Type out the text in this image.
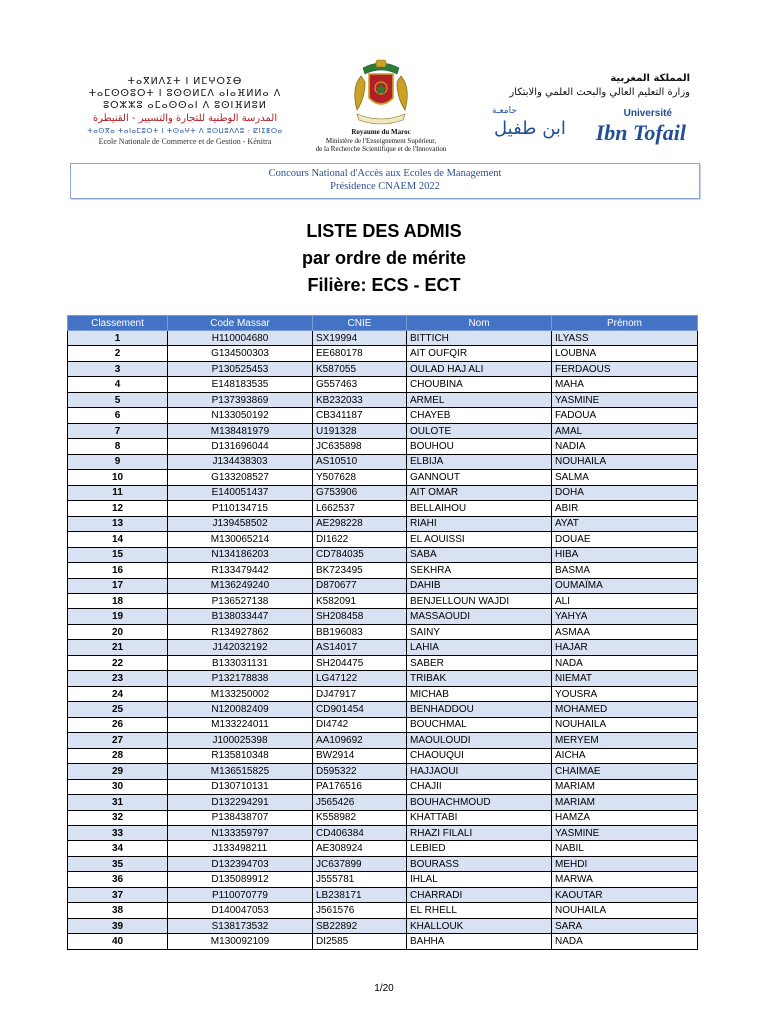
ⵜⴰⴳⵍⴷⵉⵜ ⵏ ⵍⵎⵖⵔⵉⴱ
ⵜⴰⵎⵙⵙⵓⵔⵜ ⵏ ⵓⵙⵙⵍⵎⴷ ⴰⵏⴰⴼⵍⵍⴰ ⴷ
ⵓⵔⵣⵣⵓ ⴰⵎⴰⵙⵙⴰⵏ ⴷ ⵓⵙⵏⴼⵍⵓⵍ
المدرسة الوطنية للتجارة والتسيير - القنيطرة
ⵜⴰⵙⴳⴰ ⵜⴰⵏⴰⵎⵓⵔⵜ ⵏ ⵜⵙⴰⵖⵜ ⴷ ⵓⵙⵡⵓⴷⴷⵓ - ⵇⵏⵉⵟⵔⴰ
Ecole Nationale de Commerce et de Gestion - Kénitra
Royaume du Maroc
Ministère de l'Enseignement Supérieur,
de la Recherche Scientifique et de l'Innovation
المملكة المغربية
وزارة التعليم العالي والبحث العلمي والابتكار
جامعـة	Université
ابن طفيل Ibn Tofail
Concours National d'Accès aux Ecoles de Management
Présidence CNAEM 2022
LISTE DES ADMIS
par ordre de mérite
Filière: ECS - ECT
Classement	Code Massar	CNIE	Nom	Prénom
1	H110004680	SX19994	BITTICH	ILYASS
2	G134500303	EE680178	AIT OUFQIR	LOUBNA
3	P130525453	K587055	OULAD HAJ ALI	FERDAOUS
4	E148183535	G557463	CHOUBINA	MAHA
5	P137393869	KB232033	ARMEL	YASMINE
6	N133050192	CB341187	CHAYEB	FADOUA
7	M138481979	U191328	OULOTE	AMAL
8	D131696044	JC635898	BOUHOU	NADIA
9	J134438303	AS10510	ELBIJA	NOUHAILA
10	G133208527	Y507628	GANNOUT	SALMA
11	E140051437	G753906	AIT OMAR	DOHA
12	P110134715	L662537	BELLAIHOU	ABIR
13	J139458502	AE298228	RIAHI	AYAT
14	M130065214	DI1622	EL AOUISSI	DOUAE
15	N134186203	CD784035	SABA	HIBA
16	R133479442	BK723495	SEKHRA	BASMA
17	M136249240	D870677	DAHIB	OUMAÏMA
18	P136527138	K582091	BENJELLOUN WAJDI	ALI
19	B138033447	SH208458	MASSAOUDI	YAHYA
20	R134927862	BB196083	SAINY	ASMAA
21	J142032192	AS14017	LAHIA	HAJAR
22	B133031131	SH204475	SABER	NADA
23	P132178838	LG47122	TRIBAK	NIEMAT
24	M133250002	DJ47917	MICHAB	YOUSRA
25	N120082409	CD901454	BENHADDOU	MOHAMED
26	M133224011	DI4742	BOUCHMAL	NOUHAILA
27	J100025398	AA109692	MAOULOUDI	MERYEM
28	R135810348	BW2914	CHAOUQUI	AICHA
29	M136515825	D595322	HAJJAOUI	CHAIMAE
30	D130710131	PA176516	CHAJII	MARIAM
31	D132294291	J565426	BOUHACHMOUD	MARIAM
32	P138438707	K558982	KHATTABI	HAMZA
33	N133359797	CD406384	RHAZI FILALI	YASMINE
34	J133498211	AE308924	LEBIED	NABIL
35	D132394703	JC637899	BOURASS	MEHDI
36	D135089912	J555781	IHLAL	MARWA
37	P110070779	LB238171	CHARRADI	KAOUTAR
38	D140047053	J561576	EL RHELL	NOUHAILA
39	S138173532	SB22892	KHALLOUK	SARA
40	M130092109	DI2585	BAHHA	NADA
1/20
